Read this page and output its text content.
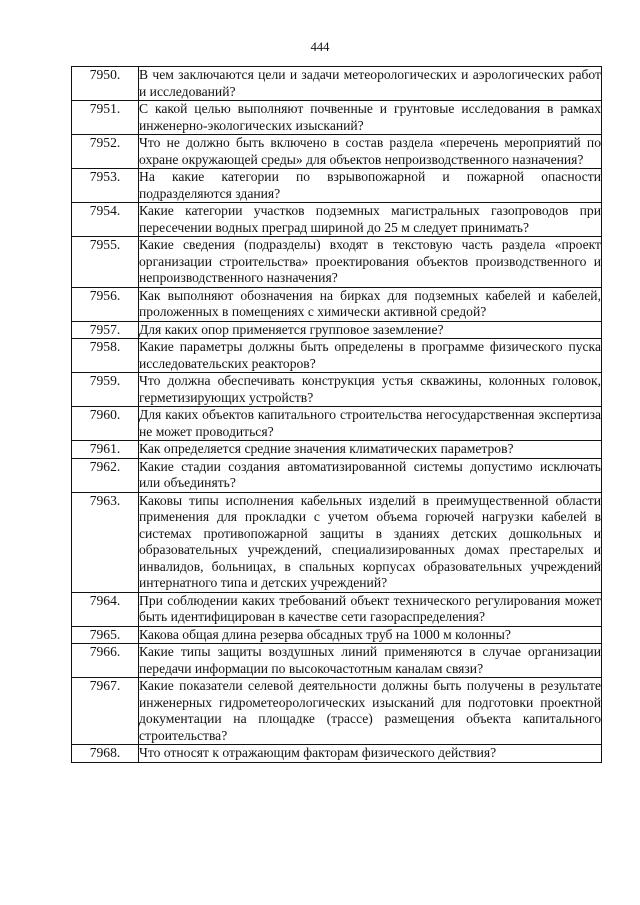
444
7950.	В чем заключаются цели и задачи метеорологических и аэрологических работ и исследований?
7951.	С какой целью выполняют почвенные и грунтовые исследования в рамках инженерно-экологических изысканий?
7952.	Что не должно быть включено в состав раздела «перечень мероприятий по охране окружающей среды» для объектов непроизводственного назначения?
7953.	На какие категории по взрывопожарной и пожарной опасности подразделяются здания?
7954.	Какие категории участков подземных магистральных газопроводов при пересечении водных преград шириной до 25 м следует принимать?
7955.	Какие сведения (подразделы) входят в текстовую часть раздела «проект организации строительства» проектирования объектов производственного и непроизводственного назначения?
7956.	Как выполняют обозначения на бирках для подземных кабелей и кабелей, проложенных в помещениях с химически активной средой?
7957.	Для каких опор применяется групповое заземление?
7958.	Какие параметры должны быть определены в программе физического пуска исследовательских реакторов?
7959.	Что должна обеспечивать конструкция устья скважины, колонных головок, герметизирующих устройств?
7960.	Для каких объектов капитального строительства негосударственная экспертиза не может проводиться?
7961.	Как определяется средние значения климатических параметров?
7962.	Какие стадии создания автоматизированной системы допустимо исключать или объединять?
7963.	Каковы типы исполнения кабельных изделий в преимущественной области применения для прокладки с учетом объема горючей нагрузки кабелей в системах противопожарной защиты в зданиях детских дошкольных и образовательных учреждений, специализированных домах престарелых и инвалидов, больницах, в спальных корпусах образовательных учреждений интернатного типа и детских учреждений?
7964.	При соблюдении каких требований объект технического регулирования может быть идентифицирован в качестве сети газораспределения?
7965.	Какова общая длина резерва обсадных труб на 1000 м колонны?
7966.	Какие типы защиты воздушных линий применяются в случае организации передачи информации по высокочастотным каналам связи?
7967.	Какие показатели селевой деятельности должны быть получены в результате инженерных гидрометеорологических изысканий для подготовки проектной документации на площадке (трассе) размещения объекта капитального строительства?
7968.	Что относят к отражающим факторам физического действия?
